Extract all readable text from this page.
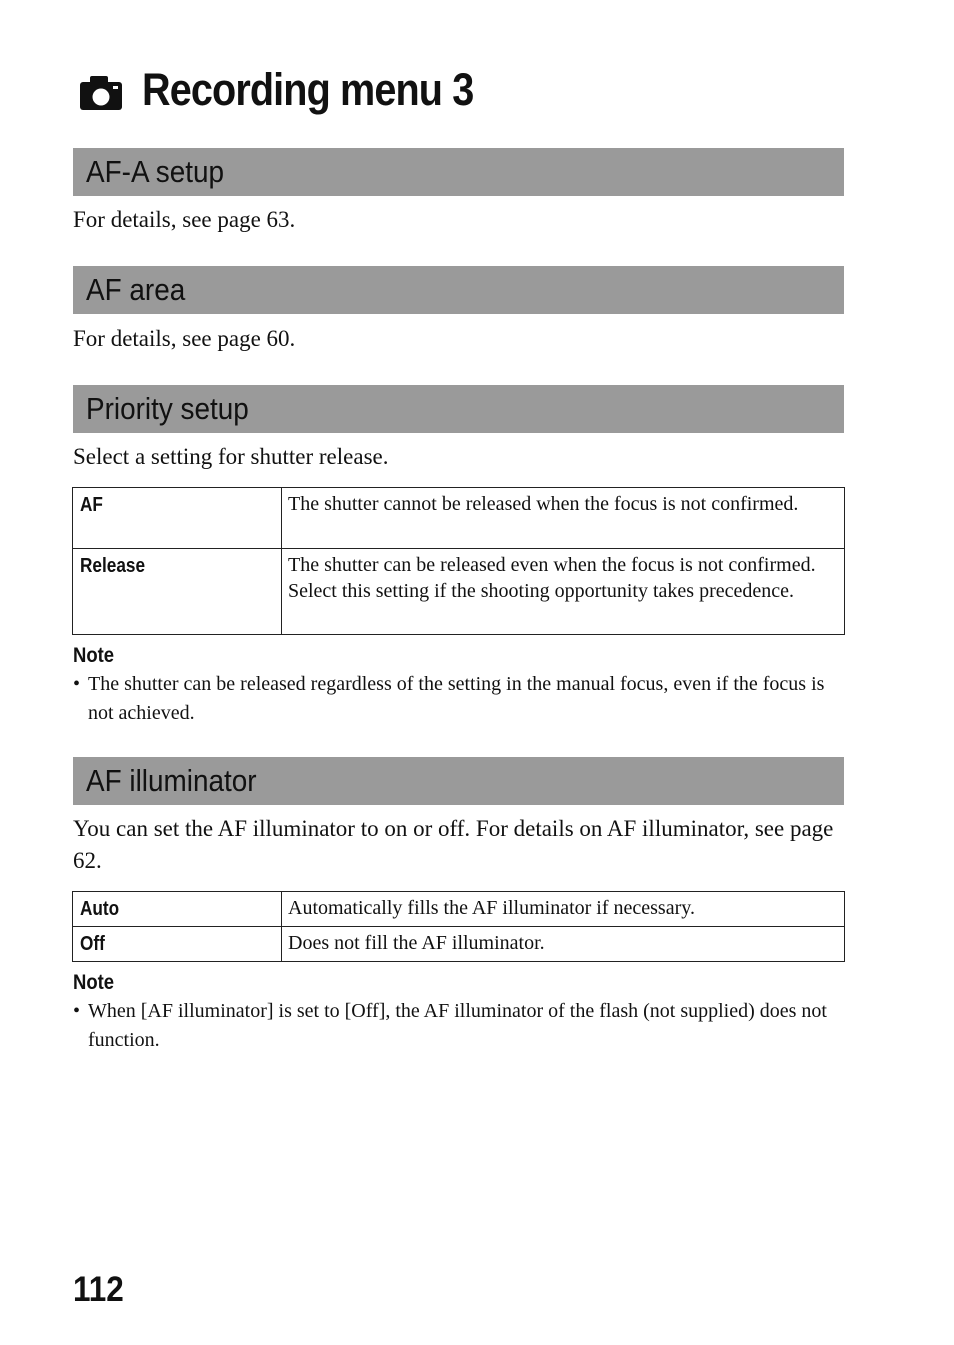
Recording menu 3
AF-A setup
For details, see page 63.
AF area
For details, see page 60.
Priority setup
Select a setting for shutter release.
AF	The shutter cannot be released when the focus is not confirmed.
Release	The shutter can be released even when the focus is not confirmed. Select this setting if the shooting opportunity takes precedence.
Note
• The shutter can be released regardless of the setting in the manual focus, even if the focus is not achieved.
AF illuminator
You can set the AF illuminator to on or off. For details on AF illuminator, see page 62.
Auto	Automatically fills the AF illuminator if necessary.
Off	Does not fill the AF illuminator.
Note
• When [AF illuminator] is set to [Off], the AF illuminator of the flash (not supplied) does not function.
112
